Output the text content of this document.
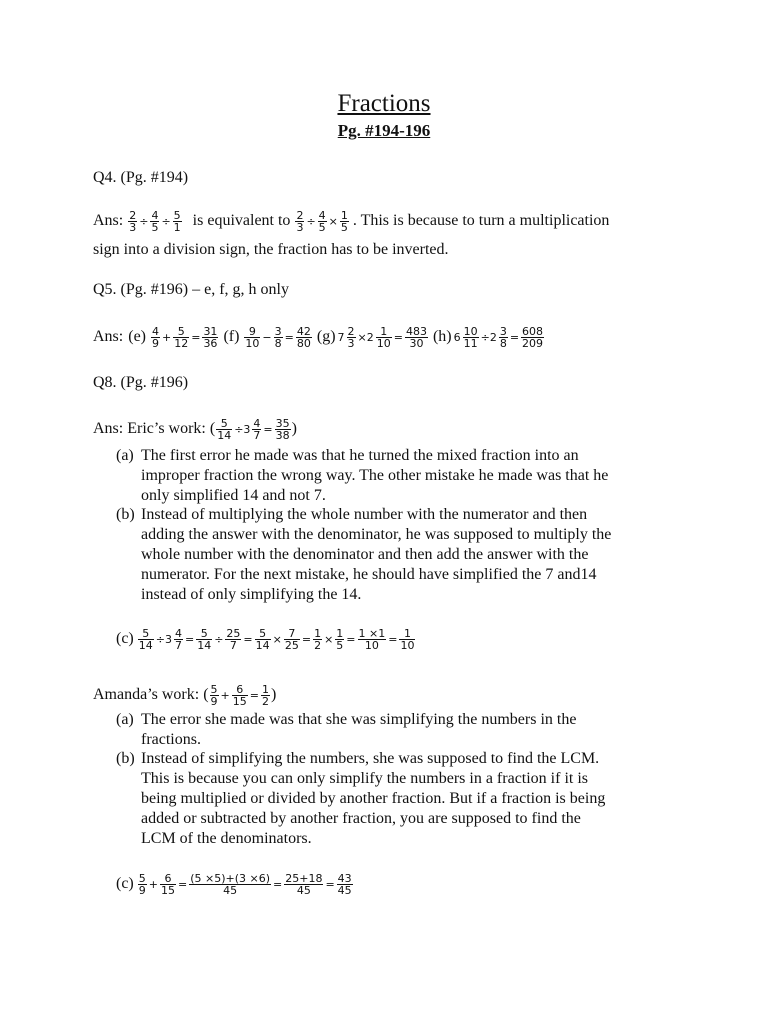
Fractions
Pg. #194-196
Q4. (Pg. #194)
Ans: $\frac{2}{3} \div \frac{4}{5} \div \frac{5}{1}$ is equivalent to $\frac{2}{3} \div \frac{4}{5} \times \frac{1}{5}$ . This is because to turn a multiplication
sign into a division sign, the fraction has to be inverted.
Q5. (Pg. #196) – e, f, g, h only
Ans: $(e) \frac{4}{9} + \frac{5}{12} = \frac{31}{36} (f) \frac{9}{10} - \frac{3}{8} = \frac{42}{80} (g)$ $7 \frac{2}{3} \times 2 \frac{1}{10} = \frac{483}{30} (h)$ $6 \frac{10}{11} \div 2 \frac{3}{8} = \frac{608}{209}$
Q8. (Pg. #196)
Ans: Eric’s work: ( $\frac{5}{14} \div 3 \frac{4}{7} = \frac{35}{38}$ )
(a) The first error he made was that he turned the mixed fraction into an
improper fraction the wrong way. The other mistake he made was that he
only simplified 14 and not 7.
(b) Instead of multiplying the whole number with the numerator and then
adding the answer with the denominator, he was supposed to multiply the
whole number with the denominator and then add the answer with the
numerator. For the next mistake, he should have simplified the 7 and14
instead of only simplifying the 14.
$(c) \frac{5}{14} \div 3 \frac{4}{7} = \frac{5}{14} \div \frac{25}{7} = \frac{5}{14} \times \frac{7}{25} = \frac{1}{2} \times \frac{1}{5} = \frac{1 \times 1}{10} = \frac{1}{10}$
Amanda’s work: ( $\frac{5}{9} + \frac{6}{15} = \frac{1}{2}$ )
(a) The error she made was that she was simplifying the numbers in the
fractions.
(b) Instead of simplifying the numbers, she was supposed to find the LCM.
This is because you can only simplify the numbers in a fraction if it is
being multiplied or divided by another fraction. But if a fraction is being
added or subtracted by another fraction, you are supposed to find the
LCM of the denominators.
$(c) \frac{5}{9} + \frac{6}{15} = \frac{(5 \times 5)+(3 \times 6)}{45} = \frac{25+18}{45} = \frac{43}{45}$
